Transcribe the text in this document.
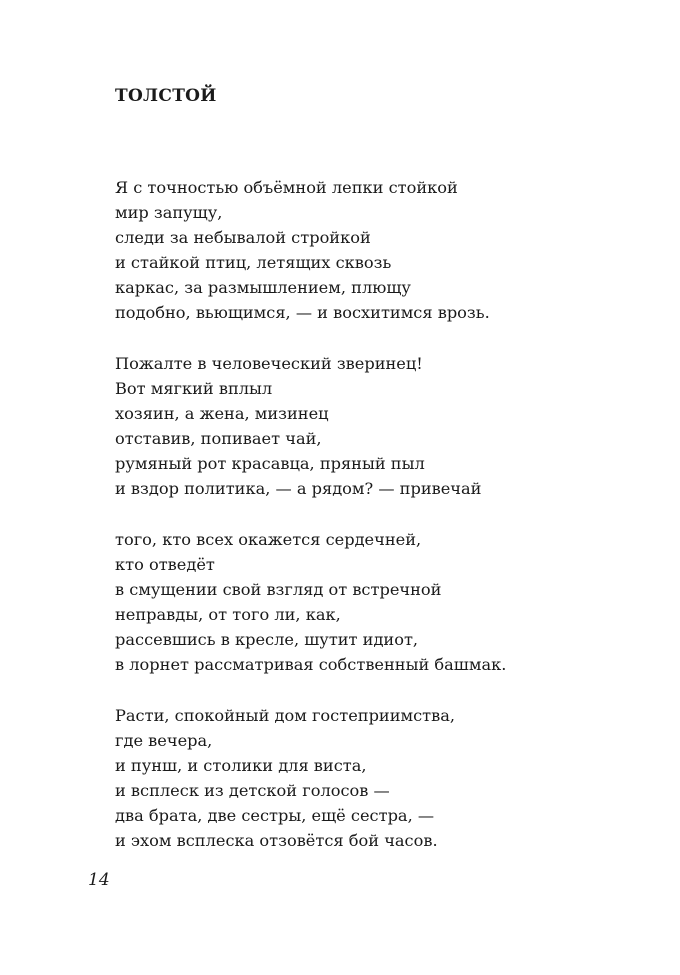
ТОЛСТОЙ
Я с точностью объёмной лепки стойкой
мир запущу,
следи за небывалой стройкой
и стайкой птиц, летящих сквозь
каркас, за размышлением, плющу
подобно, вьющимся, — и восхитимся врозь.
Пожалте в человеческий зверинец!
Вот мягкий вплыл
хозяин, а жена, мизинец
отставив, попивает чай,
румяный рот красавца, пряный пыл
и вздор политика, — а рядом? — привечай
того, кто всех окажется сердечней,
кто отведёт
в смущении свой взгляд от встречной
неправды, от того ли, как,
рассевшись в кресле, шутит идиот,
в лорнет рассматривая собственный башмак.
Расти, спокойный дом гостеприимства,
где вечера,
и пунш, и столики для виста,
и всплеск из детской голосов —
два брата, две сестры, ещё сестра, —
и эхом всплеска отзовётся бой часов.
14
